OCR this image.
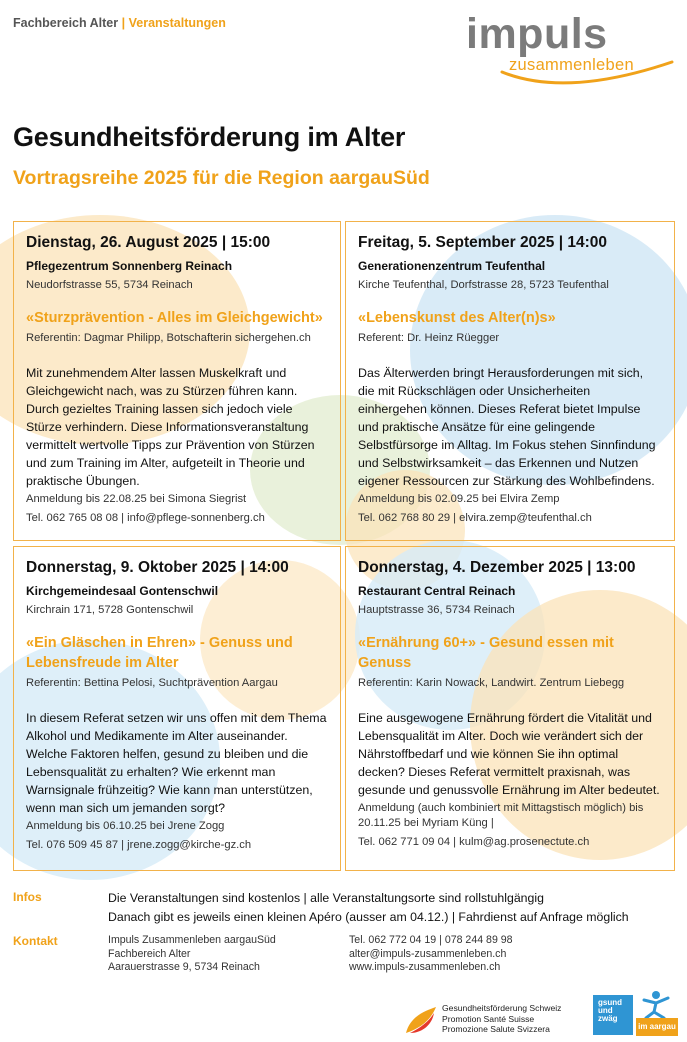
Fachbereich Alter | Veranstaltungen	impuls
zusammenleben
Gesundheitsförderung im Alter
Vortragsreihe 2025 für die Region aargauSüd
Dienstag, 26. August 2025 | 15:00
Pflegezentrum Sonnenberg Reinach
Neudorfstrasse 55, 5734 Reinach
«Sturzprävention - Alles im Gleichgewicht»
Referentin: Dagmar Philipp, Botschafterin sichergehen.ch
Mit zunehmendem Alter lassen Muskelkraft und Gleichgewicht nach, was zu Stürzen führen kann. Durch gezieltes Training lassen sich jedoch viele Stürze verhindern. Diese Informationsveranstaltung vermittelt wertvolle Tipps zur Prävention von Stürzen und zum Training im Alter, aufgeteilt in Theorie und praktische Übungen.
Anmeldung bis 22.08.25 bei Simona Siegrist
Tel. 062 765 08 08 | info@pflege-sonnenberg.ch
Freitag, 5. September 2025 | 14:00
Generationenzentrum Teufenthal
Kirche Teufenthal, Dorfstrasse 28, 5723 Teufenthal
«Lebenskunst des Alter(n)s»
Referent: Dr. Heinz Rüegger
Das Älterwerden bringt Herausforderungen mit sich, die mit Rückschlägen oder Unsicherheiten einhergehen können. Dieses Referat bietet Impulse und praktische Ansätze für eine gelingende Selbstfürsorge im Alltag. Im Fokus stehen Sinnfindung und Selbstwirksamkeit – das Erkennen und Nutzen eigener Ressourcen zur Stärkung des Wohlbefindens.
Anmeldung bis 02.09.25 bei Elvira Zemp
Tel. 062 768 80 29 | elvira.zemp@teufenthal.ch
Donnerstag, 9. Oktober 2025 | 14:00
Kirchgemeindesaal Gontenschwil
Kirchrain 171, 5728 Gontenschwil
«Ein Gläschen in Ehren» - Genuss und Lebensfreude im Alter
Referentin: Bettina Pelosi, Suchtprävention Aargau
In diesem Referat setzen wir uns offen mit dem Thema Alkohol und Medikamente im Alter auseinander. Welche Faktoren helfen, gesund zu bleiben und die Lebensqualität zu erhalten? Wie erkennt man Warnsignale frühzeitig? Wie kann man unterstützen, wenn man sich um jemanden sorgt?
Anmeldung bis 06.10.25 bei Jrene Zogg
Tel. 076 509 45 87 | jrene.zogg@kirche-gz.ch
Donnerstag, 4. Dezember 2025 | 13:00
Restaurant Central Reinach
Hauptstrasse 36, 5734 Reinach
«Ernährung 60+» - Gesund essen mit Genuss
Referentin: Karin Nowack, Landwirt. Zentrum Liebegg
Eine ausgewogene Ernährung fördert die Vitalität und Lebensqualität im Alter. Doch wie verändert sich der Nährstoffbedarf und wie können Sie ihn optimal decken? Dieses Referat vermittelt praxisnah, was gesunde und genussvolle Ernährung im Alter bedeutet.
Anmeldung (auch kombiniert mit Mittagstisch möglich) bis 20.11.25 bei Myriam Küng |
Tel. 062 771 09 04 | kulm@ag.prosenectute.ch
Infos	Die Veranstaltungen sind kostenlos | alle Veranstaltungsorte sind rollstuhlgängig
Danach gibt es jeweils einen kleinen Apéro (ausser am 04.12.) | Fahrdienst auf Anfrage möglich
Kontakt	Impuls Zusammenleben aargauSüd
Fachbereich Alter
Aarauerstrasse 9, 5734 Reinach
Tel. 062 772 04 19 | 078 244 89 98
alter@impuls-zusammenleben.ch
www.impuls-zusammenleben.ch
Gesundheitsförderung Schweiz
Promotion Santé Suisse
Promozione Salute Svizzera
gsund
und
zwäg
im aargau
